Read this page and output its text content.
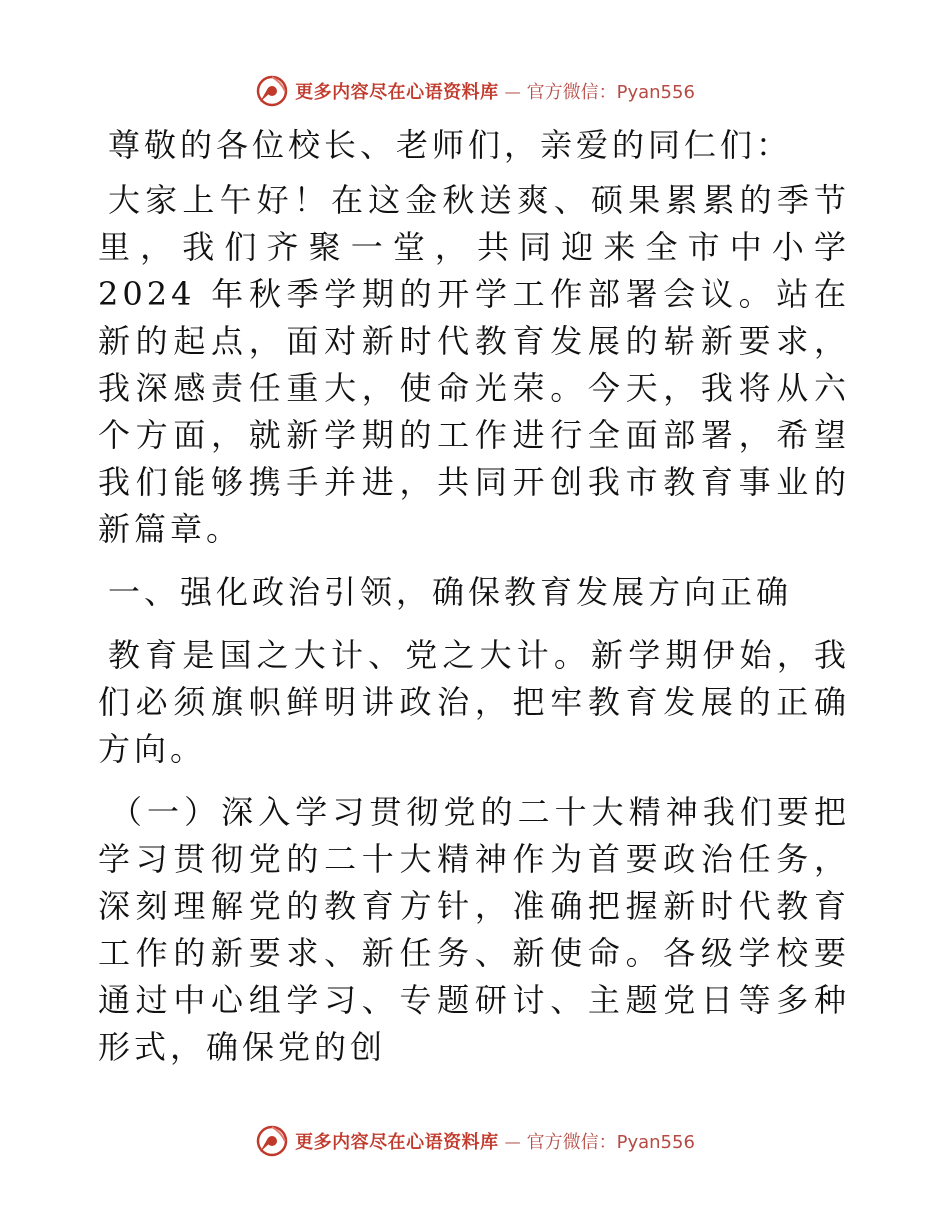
更多内容尽在心语资料库 — 官方微信：Pyan556

尊敬的各位校长、老师们，亲爱的同仁们：

大家上午好！在这金秋送爽、硕果累累的季节里，我们齐聚一堂，共同迎来全市中小学 2024 年秋季学期的开学工作部署会议。站在新的起点，面对新时代教育发展的崭新要求，我深感责任重大，使命光荣。今天，我将从六个方面，就新学期的工作进行全面部署，希望我们能够携手并进，共同开创我市教育事业的新篇章。

一、强化政治引领，确保教育发展方向正确

教育是国之大计、党之大计。新学期伊始，我们必须旗帜鲜明讲政治，把牢教育发展的正确方向。

（一）深入学习贯彻党的二十大精神我们要把学习贯彻党的二十大精神作为首要政治任务，深刻理解党的教育方针，准确把握新时代教育工作的新要求、新任务、新使命。各级学校要通过中心组学习、专题研讨、主题党日等多种形式，确保党的创

更多内容尽在心语资料库 — 官方微信：Pyan556
